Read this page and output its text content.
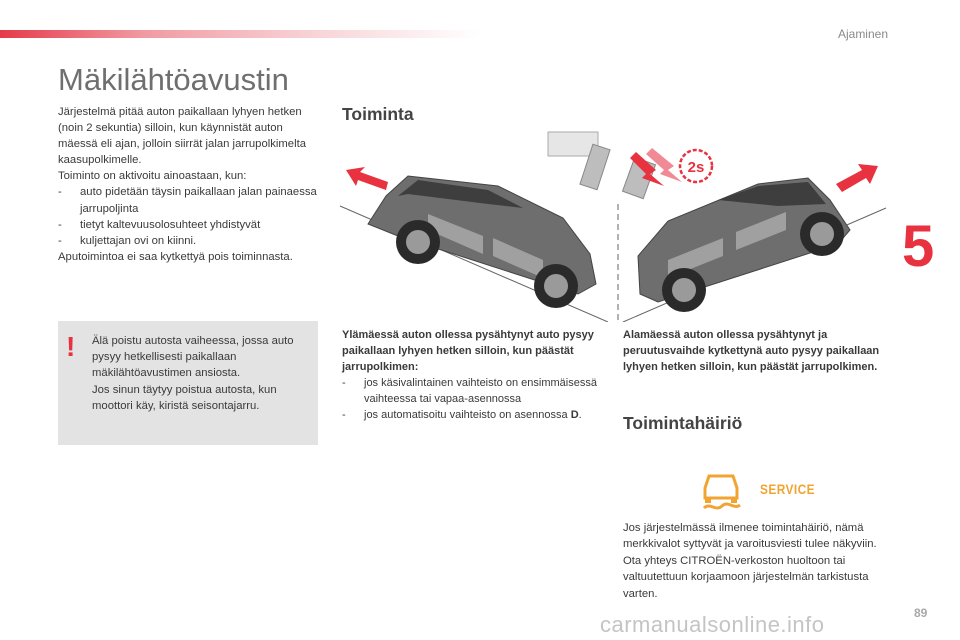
Ajaminen
5
Mäkilähtöavustin

Järjestelmä pitää auton paikallaan lyhyen hetken (noin 2 sekuntia) silloin, kun käynnistät auton mäessä eli ajan, jolloin siirrät jalan jarrupolkimelta kaasupolkimelle.

Toiminto on aktivoitu ainoastaan, kun:

- auto pidetään täysin paikallaan jalan painaessa jarrupoljinta
- tietyt kaltevuusolosuhteet yhdistyvät
- kuljettajan ovi on kiinni.

Aputoimintoa ei saa kytkettyä pois toiminnasta.

! Älä poistu autosta vaiheessa, jossa auto pysyy hetkellisesti paikallaan mäkilähtöavustimen ansiosta.

Jos sinun täytyy poistua autosta, kun moottori käy, kiristä seisontajarru.

Toiminta
2s

Ylämäessä auton ollessa pysähtynyt auto pysyy paikallaan lyhyen hetken silloin, kun päästät jarrupolkimen:

- jos käsivalintainen vaihteisto on ensimmäisessä vaihteessa tai vapaa-asennossa
- jos automatisoitu vaihteisto on asennossa D.

Alamäessä auton ollessa pysähtynyt ja peruutusvaihde kytkettynä auto pysyy paikallaan lyhyen hetken silloin, kun päästät jarrupolkimen.

Toimintahäiriö
SERVICE

Jos järjestelmässä ilmenee toimintahäiriö, nämä merkkivalot syttyvät ja varoitusviesti tulee näkyviin. Ota yhteys CITROËN-verkoston huoltoon tai valtuutettuun korjaamoon järjestelmän tarkistusta varten.

89
carmanualsonline.info
